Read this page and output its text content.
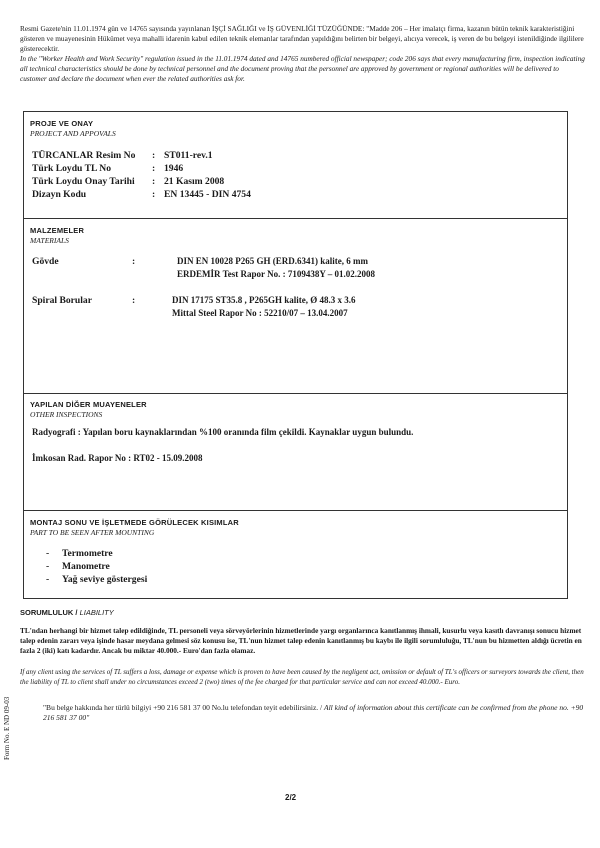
Resmi Gazete'nin 11.01.1974 gün ve 14765 sayısında yayınlanan İŞÇİ SAĞLIĞI ve İŞ GÜVENLİĞİ TÜZÜĞÜNDE: "Madde 206 – Her imalatçı firma, kazanın bütün teknik karakteristiğini gösteren ve muayenesinin Hükümet veya mahalli idarenin kabul edilen teknik elemanlar tarafından yapıldığını belirten bir belgeyi, alıcıya verecek, iş veren de bu belgeyi istenildiğinde ilgililere gösterecektir.
In the "Worker Health and Work Security" regulation issued in the 11.01.1974 dated and 14765 numbered official newspaper; code 206 says that every manufacturing firm, inspection indicating all technical characteristics should be done by technical personnel and the document proving that the personnel are approved by government or regional authorities will be delivered to customer and declare the document when ever the related authorities ask for.
PROJE VE ONAY
PROJECT AND APPOVALS
TÜRCANLAR Resim No : ST011-rev.1
Türk Loydu TL No	: 1946
Türk Loydu Onay Tarihi : 21 Kasım 2008
Dizayn Kodu	: EN 13445 - DIN 4754
MALZEMELER
MATERIALS
Gövde	:	DIN EN 10028 P265 GH (ERD.6341) kalite, 6 mm
ERDEMİR Test Rapor No. : 7109438Y – 01.02.2008
Spiral Borular	:	DIN 17175 ST35.8 , P265GH kalite, Ø 48.3 x 3.6
Mittal Steel Rapor No : 52210/07 – 13.04.2007
YAPILAN DİĞER MUAYENELER
OTHER INSPECTIONS
Radyografi : Yapılan boru kaynaklarından %100 oranında film çekildi. Kaynaklar uygun bulundu.
İmkosan Rad. Rapor No : RT02 - 15.09.2008
MONTAJ SONU VE İŞLETMEDE GÖRÜLECEK KISIMLAR
PART TO BE SEEN AFTER MOUNTING
- Termometre
- Manometre
- Yağ seviye göstergesi
SORUMLULUK / LIABILITY
TL'ndan herhangi bir hizmet talep edildiğinde, TL personeli veya sörveyörlerinin hizmetlerinde yargı organlarınca kanıtlanmış ihmali, kusurlu veya kasıtlı davranışı sonucu hizmet talep edenin zararı veya işinde hasar meydana gelmesi söz konusu ise, TL'nun hizmet talep edenin kanıtlanmış bu kaybı ile ilgili sorumluluğu, TL'nun bu hizmetten aldığı ücretin en fazla 2 (iki) katı kadardır. Ancak bu miktar 40.000.- Euro'dan fazla olamaz.
If any client using the services of TL suffers a loss, damage or expense which is proven to have been caused by the negligent act, omission or default of TL's officers or surveyors towards the client, then the liability of TL to client shall under no circumstances exceed 2 (two) times of the fee charged for that particular service and can not exceed 40.000.- Euro.
"Bu belge hakkında her türlü bilgiyi +90 216 581 37 00 No.lu telefondan teyit edebilirsiniz. / All kind of information about this certificate can be confirmed from the phone no. +90 216 581 37 00"
Form No. E ND 09-03
2/2
